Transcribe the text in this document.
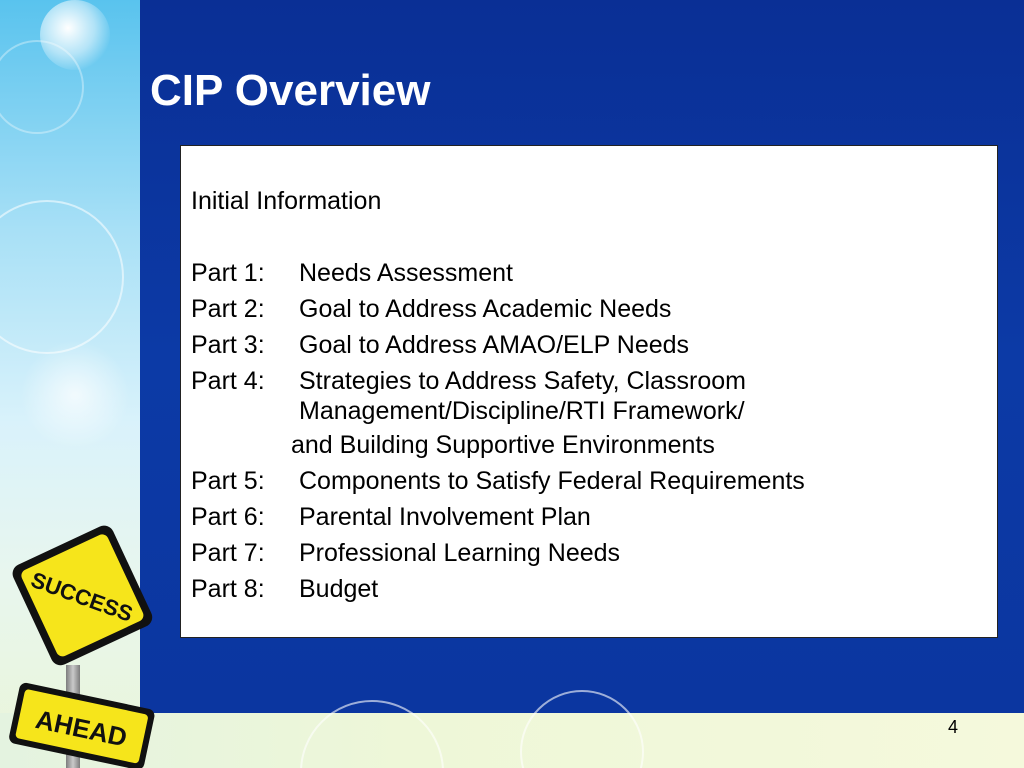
CIP Overview

Initial Information

Part 1: Needs Assessment
Part 2: Goal to Address Academic Needs
Part 3: Goal to Address AMAO/ELP Needs
Part 4: Strategies to Address Safety, Classroom
Management/Discipline/RTI Framework/
and Building Supportive Environments
Part 5: Components to Satisfy Federal Requirements
Part 6: Parental Involvement Plan
Part 7: Professional Learning Needs
Part 8: Budget
4
SUCCESS
AHEAD
